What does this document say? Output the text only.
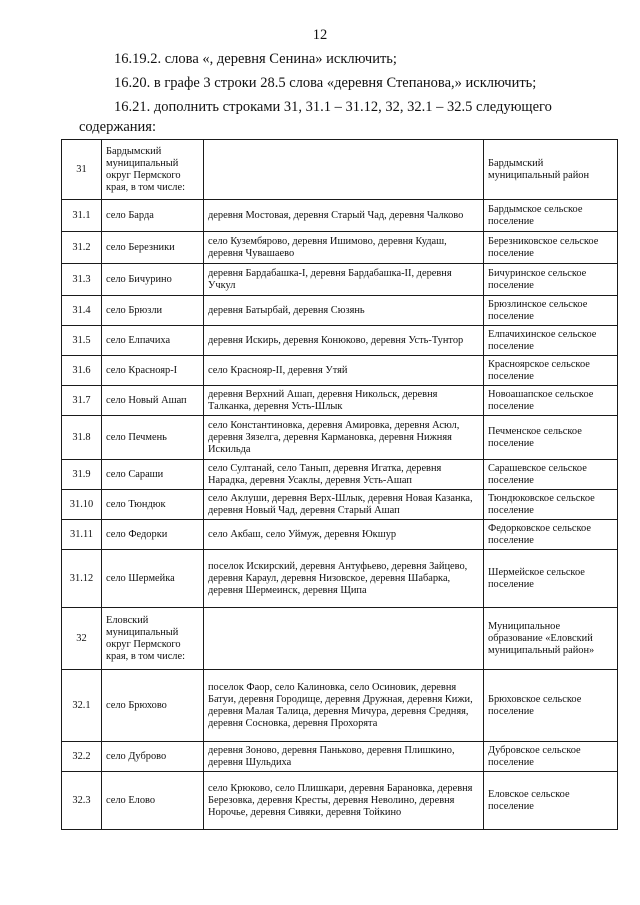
12
16.19.2. слова «, деревня Сенина» исключить;
16.20. в графе 3 строки 28.5 слова «деревня Степанова,» исключить;
16.21. дополнить строками 31, 31.1 – 31.12, 32, 32.1 – 32.5 следующего
содержания:
31	Бардымский муниципальный округ Пермского края, в том числе:		Бардымский муниципальный район
31.1	село Барда	деревня Мостовая, деревня Старый Чад, деревня Чалково	Бардымское сельское поселение
31.2	село Березники	село Кузембярово, деревня Ишимово, деревня Кудаш, деревня Чувашаево	Березниковское сельское поселение
31.3	село Бичурино	деревня Бардабашка-I, деревня Бардабашка-II, деревня Учкул	Бичуринское сельское поселение
31.4	село Брюзли	деревня Батырбай, деревня Сюзянь	Брюзлинское сельское поселение
31.5	село Елпачиха	деревня Искирь, деревня Конюково, деревня Усть-Тунтор	Елпачихинское сельское поселение
31.6	село Краснояр-I	село Краснояр-II, деревня Утяй	Красноярское сельское поселение
31.7	село Новый Ашап	деревня Верхний Ашап, деревня Никольск, деревня Талканка, деревня Усть-Шлык	Новоашапское сельское поселение
31.8	село Печмень	село Константиновка, деревня Амировка, деревня Асюл, деревня Зязелга, деревня Кармановка, деревня Нижняя Искильда	Печменское сельское поселение
31.9	село Сараши	село Султанай, село Танып, деревня Игатка, деревня Нарадка, деревня Усаклы, деревня Усть-Ашап	Сарашевское сельское поселение
31.10	село Тюндюк	село Аклуши, деревня Верх-Шлык, деревня Новая Казанка, деревня Новый Чад, деревня Старый Ашап	Тюндюковское сельское поселение
31.11	село Федорки	село Акбаш, село Уймуж, деревня Юкшур	Федорковское сельское поселение
31.12	село Шермейка	поселок Искирский, деревня Антуфьево, деревня Зайцево, деревня Караул, деревня Низовское, деревня Шабарка, деревня Шермеинск, деревня Щипа	Шермейское сельское поселение
32	Еловский муниципальный округ Пермского края, в том числе:		Муниципальное образование «Еловский муниципальный район»
32.1	село Брюхово	поселок Фаор, село Калиновка, село Осиновик, деревня Батуи, деревня Городище, деревня Дружная, деревня Кижи, деревня Малая Талица, деревня Мичура, деревня Средняя, деревня Сосновка, деревня Прохорята	Брюховское сельское поселение
32.2	село Дуброво	деревня Зоново, деревня Паньково, деревня Плишкино, деревня Шульдиха	Дубровское сельское поселение
32.3	село Елово	село Крюково, село Плишкари, деревня Барановка, деревня Березовка, деревня Кресты, деревня Неволино, деревня Норочье, деревня Сивяки, деревня Тойкино	Еловское сельское поселение
